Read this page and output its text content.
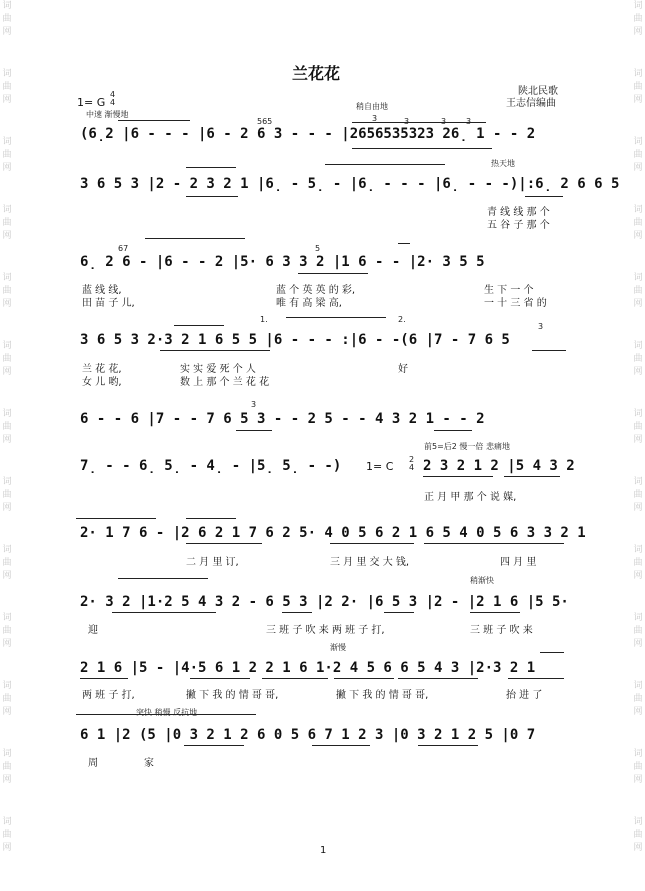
词
曲
网
词
曲
网
词
曲
网
词
曲
网
词
曲
网
词
曲
网
词
曲
网
词
曲
网
词
曲
网
词
曲
网
词
曲
网
词
曲
网
词
曲
网
词
曲
网
词
曲
网
词
曲
网
词
曲
网
词
曲
网
词
曲
网
词
曲
网
词
曲
网
词
曲
网
词
曲
网
词
曲
网
词
曲
网
词
曲
网
兰花花
陕北民歌
王志信编曲
1= G
4
4
中速 渐慢地
565
稍自由地
3	3	3 3
(6̣2 |6 - - - |6 - 2 6 3 - - - |2656535323 26̣ 1 - - 2
热天地
3 6 5 3 |2 - 2 3 2 1 |6̣ - 5̣ - |6̣ - - - |6̣ - - -)|:6̣ 2 6 6 5
青 线 线 那 个
五 谷 子 那 个
67	5
6̣ 2 6 - |6 - - 2 |5· 6 3 3 2 |1 6 - - |2· 3 5 5
蓝 线 线,	蓝 个 英 英 的 彩,	生 下 一 个
田 苗 子 儿,	唯 有 高 梁 高,	一 十 三 省 的
2.
1.
3
3 6 5 3 2·3 2 1 6 5 5 |6 - - - :|6 - -(6 |7 - 7 6 5
兰 花 花,	实 实 爱 死 个 人	好
女 儿 哟,	数 上 那 个 兰 花 花
3
6 - - 6 |7 - - 7 6 5 3 - - 2 5 - - 4 3 2 1 - - 2
前5=后2 慢一倍 悲痛地
7̣ - - 6̣ 5̣ - 4̣ - |5̣ 5̣ - -) 1= C
2
4 2 3 2 1 2 |5 4 3 2
正 月 甲 那 个 说 媒,
2· 1 7 6 - |2 6 2 1 7 6 2 5· 4 0 5 6 2 1 6 5 4 0 5 6 3 3 2 1
二 月 里 订,	三 月 里 交 大 钱,	四 月 里
稍渐快
2· 3 2 |1·2 5 4 3 2 - 6 5 3 |2 2· |6 5 3 |2 - |2 1 6 |5 5·
迎	三 班 子 吹 来 两 班 子 打,	三 班 子 吹 来
渐慢
2 1 6 |5 - |4·5 6 1 2 2 1 6 1·2 4 5 6 6 5 4 3 |2·3 2 1
两 班 子 打,	撇 下 我 的 情 哥 哥,	撇 下 我 的 情 哥 哥,	抬 进 了
突快 稍慢 反抗地
6 1 |2 (5 |0 3 2 1 2 6 0 5 6 7 1 2 3 |0 3 2 1 2 5 |0 7
周	家
1
